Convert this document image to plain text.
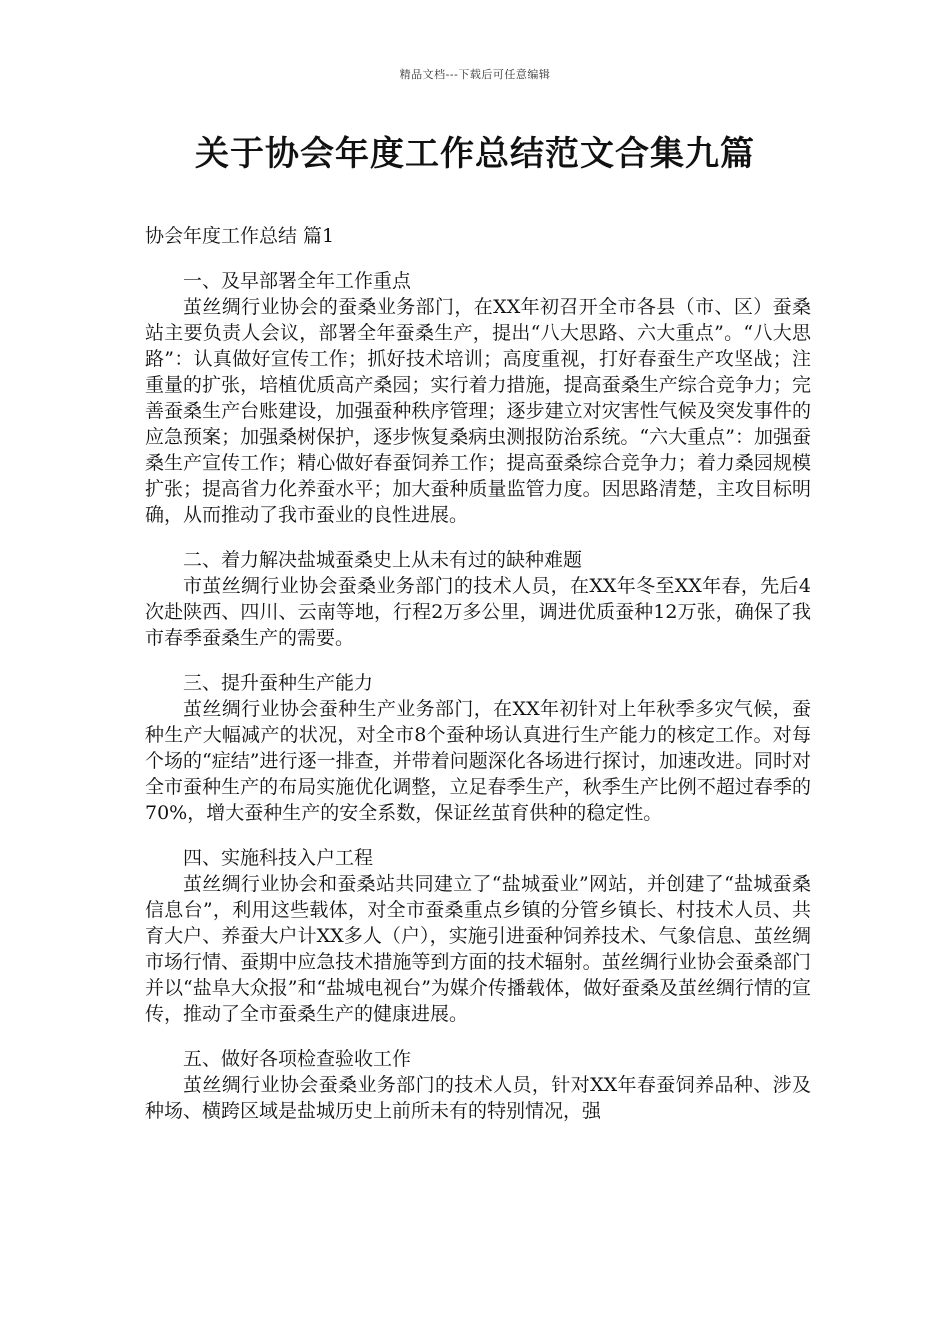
精品文档---下载后可任意编辑
关于协会年度工作总结范文合集九篇
协会年度工作总结 篇1

一、及早部署全年工作重点

茧丝绸行业协会的蚕桑业务部门，在XX年初召开全市各县（市、区）蚕桑站主要负责人会议，部署全年蚕桑生产，提出“八大思路、六大重点”。“八大思路”：认真做好宣传工作；抓好技术培训；高度重视，打好春蚕生产攻坚战；注重量的扩张，培植优质高产桑园；实行着力措施，提高蚕桑生产综合竞争力；完善蚕桑生产台账建设，加强蚕种秩序管理；逐步建立对灾害性气候及突发事件的应急预案；加强桑树保护，逐步恢复桑病虫测报防治系统。“六大重点”：加强蚕桑生产宣传工作；精心做好春蚕饲养工作；提高蚕桑综合竞争力；着力桑园规模扩张；提高省力化养蚕水平；加大蚕种质量监管力度。因思路清楚，主攻目标明确，从而推动了我市蚕业的良性进展。

二、着力解决盐城蚕桑史上从未有过的缺种难题

市茧丝绸行业协会蚕桑业务部门的技术人员，在XX年冬至XX年春，先后4次赴陕西、四川、云南等地，行程2万多公里，调进优质蚕种12万张，确保了我市春季蚕桑生产的需要。

三、提升蚕种生产能力

茧丝绸行业协会蚕种生产业务部门，在XX年初针对上年秋季多灾气候，蚕种生产大幅减产的状况，对全市8个蚕种场认真进行生产能力的核定工作。对每个场的“症结”进行逐一排查，并带着问题深化各场进行探讨，加速改进。同时对全市蚕种生产的布局实施优化调整，立足春季生产，秋季生产比例不超过春季的70%，增大蚕种生产的安全系数，保证丝茧育供种的稳定性。

四、实施科技入户工程

茧丝绸行业协会和蚕桑站共同建立了“盐城蚕业”网站，并创建了“盐城蚕桑信息台”，利用这些载体，对全市蚕桑重点乡镇的分管乡镇长、村技术人员、共育大户、养蚕大户计XX多人（户），实施引进蚕种饲养技术、气象信息、茧丝绸市场行情、蚕期中应急技术措施等到方面的技术辐射。茧丝绸行业协会蚕桑部门并以“盐阜大众报”和“盐城电视台”为媒介传播载体，做好蚕桑及茧丝绸行情的宣传，推动了全市蚕桑生产的健康进展。

五、做好各项检查验收工作

茧丝绸行业协会蚕桑业务部门的技术人员，针对XX年春蚕饲养品种、涉及种场、横跨区域是盐城历史上前所未有的特别情况，强
